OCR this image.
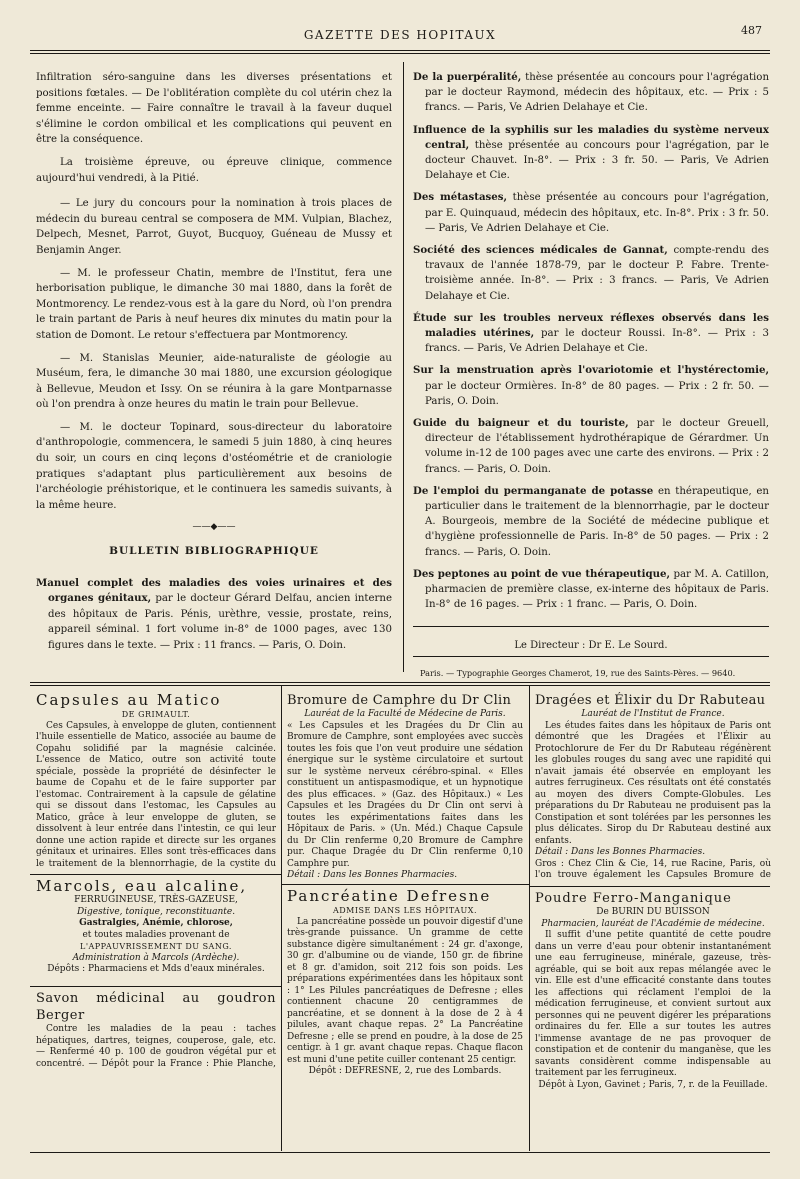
GAZETTE DES HOPITAUX	487

Infiltration séro-sanguine dans les diverses présentations et positions fœtales. — De l'oblitération complète du col utérin chez la femme enceinte. — Faire connaître le travail à la faveur duquel s'élimine le cordon ombilical et les complications qui peuvent en être la conséquence.

La troisième épreuve, ou épreuve clinique, commence aujourd'hui vendredi, à la Pitié.

— Le jury du concours pour la nomination à trois places de médecin du bureau central se composera de MM. Vulpian, Blachez, Delpech, Mesnet, Parrot, Guyot, Bucquoy, Guéneau de Mussy et Benjamin Anger.

— M. le professeur Chatin, membre de l'Institut, fera une herborisation publique, le dimanche 30 mai 1880, dans la forêt de Montmorency. Le rendez-vous est à la gare du Nord, où l'on prendra le train partant de Paris à neuf heures dix minutes du matin pour la station de Domont. Le retour s'effectuera par Montmorency.

— M. Stanislas Meunier, aide-naturaliste de géologie au Muséum, fera, le dimanche 30 mai 1880, une excursion géologique à Bellevue, Meudon et Issy. On se réunira à la gare Montparnasse où l'on prendra à onze heures du matin le train pour Bellevue.

— M. le docteur Topinard, sous-directeur du laboratoire d'anthropologie, commencera, le samedi 5 juin 1880, à cinq heures du soir, un cours en cinq leçons d'ostéométrie et de craniologie pratiques s'adaptant plus particulièrement aux besoins de l'archéologie préhistorique, et le continuera les samedis suivants, à la même heure.

——◆——
BULLETIN BIBLIOGRAPHIQUE

Manuel complet des maladies des voies urinaires et des organes génitaux, par le docteur Gérard Delfau, ancien interne des hôpitaux de Paris. Pénis, urèthre, vessie, prostate, reins, appareil séminal. 1 fort volume in-8° de 1000 pages, avec 130 figures dans le texte. — Prix : 11 francs. — Paris, O. Doin.

De la puerpéralité, thèse présentée au concours pour l'agrégation par le docteur Raymond, médecin des hôpitaux, etc. — Prix : 5 francs. — Paris, Ve Adrien Delahaye et Cie.

Influence de la syphilis sur les maladies du système nerveux central, thèse présentée au concours pour l'agrégation, par le docteur Chauvet. In-8°. — Prix : 3 fr. 50. — Paris, Ve Adrien Delahaye et Cie.

Des métastases, thèse présentée au concours pour l'agrégation, par E. Quinquaud, médecin des hôpitaux, etc. In-8°. Prix : 3 fr. 50. — Paris, Ve Adrien Delahaye et Cie.

Société des sciences médicales de Gannat, compte-rendu des travaux de l'année 1878-79, par le docteur P. Fabre. Trente-troisième année. In-8°. — Prix : 3 francs. — Paris, Ve Adrien Delahaye et Cie.

Étude sur les troubles nerveux réflexes observés dans les maladies utérines, par le docteur Roussi. In-8°. — Prix : 3 francs. — Paris, Ve Adrien Delahaye et Cie.

Sur la menstruation après l'ovariotomie et l'hystérectomie, par le docteur Ormières. In-8° de 80 pages. — Prix : 2 fr. 50. — Paris, O. Doin.

Guide du baigneur et du touriste, par le docteur Greuell, directeur de l'établissement hydrothérapique de Gérardmer. Un volume in-12 de 100 pages avec une carte des environs. — Prix : 2 francs. — Paris, O. Doin.

De l'emploi du permanganate de potasse en thérapeutique, en particulier dans le traitement de la blennorrhagie, par le docteur A. Bourgeois, membre de la Société de médecine publique et d'hygiène professionnelle de Paris. In-8° de 50 pages. — Prix : 2 francs. — Paris, O. Doin.

Des peptones au point de vue thérapeutique, par M. A. Catillon, pharmacien de première classe, ex-interne des hôpitaux de Paris. In-8° de 16 pages. — Prix : 1 franc. — Paris, O. Doin.

Le Directeur : Dr E. Le Sourd.
Paris. — Typographie Georges Chamerot, 19, rue des Saints-Pères. — 9640.

Capsules au Matico

DE GRIMAULT.

Ces Capsules, à enveloppe de gluten, contiennent l'huile essentielle de Matico, associée au baume de Copahu solidifié par la magnésie calcinée. L'essence de Matico, outre son activité toute spéciale, possède la propriété de désinfecter le baume de Copahu et de le faire supporter par l'estomac. Contrairement à la capsule de gélatine qui se dissout dans l'estomac, les Capsules au Matico, grâce à leur enveloppe de gluten, se dissolvent à leur entrée dans l'intestin, ce qui leur donne une action rapide et directe sur les organes génitaux et urinaires. Elles sont très-efficaces dans le traitement de la blennorrhagie, de la cystite du

Marcols, eau alcaline,

FERRUGINEUSE, TRÈS-GAZEUSE,

Digestive, tonique, reconstituante.

Gastralgies, Anémie, chlorose,

et toutes maladies provenant de

L'APPAUVRISSEMENT DU SANG.

Administration à Marcols (Ardèche).

Dépôts : Pharmaciens et Mds d'eaux minérales.

Savon médicinal au goudron Berger

Contre les maladies de la peau : taches hépatiques, dartres, teignes, couperose, gale, etc. — Renfermé 40 p. 100 de goudron végétal pur et concentré. — Dépôt pour la France : Phie Planche,

Bromure de Camphre du Dr Clin

Lauréat de la Faculté de Médecine de Paris.

« Les Capsules et les Dragées du Dr Clin au Bromure de Camphre, sont employées avec succès toutes les fois que l'on veut produire une sédation énergique sur le système circulatoire et surtout sur le système nerveux cérébro-spinal. « Elles constituent un antispasmodique, et un hypnotique des plus efficaces. » (Gaz. des Hôpitaux.) « Les Capsules et les Dragées du Dr Clin ont servi à toutes les expérimentations faites dans les Hôpitaux de Paris. » (Un. Méd.) Chaque Capsule du Dr Clin renferme 0,20 Bromure de Camphre pur. Chaque Dragée du Dr Clin renferme 0,10 Camphre pur.

Détail : Dans les Bonnes Pharmacies.

Pancréatine Defresne

ADMISE DANS LES HÔPITAUX.

La pancréatine possède un pouvoir digestif d'une très-grande puissance. Un gramme de cette substance digère simultanément : 24 gr. d'axonge, 30 gr. d'albumine ou de viande, 150 gr. de fibrine et 8 gr. d'amidon, soit 212 fois son poids. Les préparations expérimentées dans les hôpitaux sont : 1° Les Pilules pancréatiques de Defresne ; elles contiennent chacune 20 centigrammes de pancréatine, et se donnent à la dose de 2 à 4 pilules, avant chaque repas. 2° La Pancréatine Defresne ; elle se prend en poudre, à la dose de 25 centigr. à 1 gr. avant chaque repas. Chaque flacon est muni d'une petite cuiller contenant 25 centigr.

Dépôt : DEFRESNE, 2, rue des Lombards.

Dragées et Élixir du Dr Rabuteau

Lauréat de l'Institut de France.

Les études faites dans les hôpitaux de Paris ont démontré que les Dragées et l'Élixir au Protochlorure de Fer du Dr Rabuteau régénèrent les globules rouges du sang avec une rapidité qui n'avait jamais été observée en employant les autres ferrugineux. Ces résultats ont été constatés au moyen des divers Compte-Globules. Les préparations du Dr Rabuteau ne produisent pas la Constipation et sont tolérées par les personnes les plus délicates. Sirop du Dr Rabuteau destiné aux enfants.

Détail : Dans les Bonnes Pharmacies.

Gros : Chez Clin & Cie, 14, rue Racine, Paris, où l'on trouve également les Capsules Bromure de

Poudre Ferro-Manganique

De BURIN DU BUISSON

Pharmacien, lauréat de l'Académie de médecine.

Il suffit d'une petite quantité de cette poudre dans un verre d'eau pour obtenir instantanément une eau ferrugineuse, minérale, gazeuse, très-agréable, qui se boit aux repas mélangée avec le vin. Elle est d'une efficacité constante dans toutes les affections qui réclament l'emploi de la médication ferrugineuse, et convient surtout aux personnes qui ne peuvent digérer les préparations ordinaires du fer. Elle a sur toutes les autres l'immense avantage de ne pas provoquer de constipation et de contenir du manganèse, que les savants considèrent comme indispensable au traitement par les ferrugineux.

Dépôt à Lyon, Gavinet ; Paris, 7, r. de la Feuillade.
